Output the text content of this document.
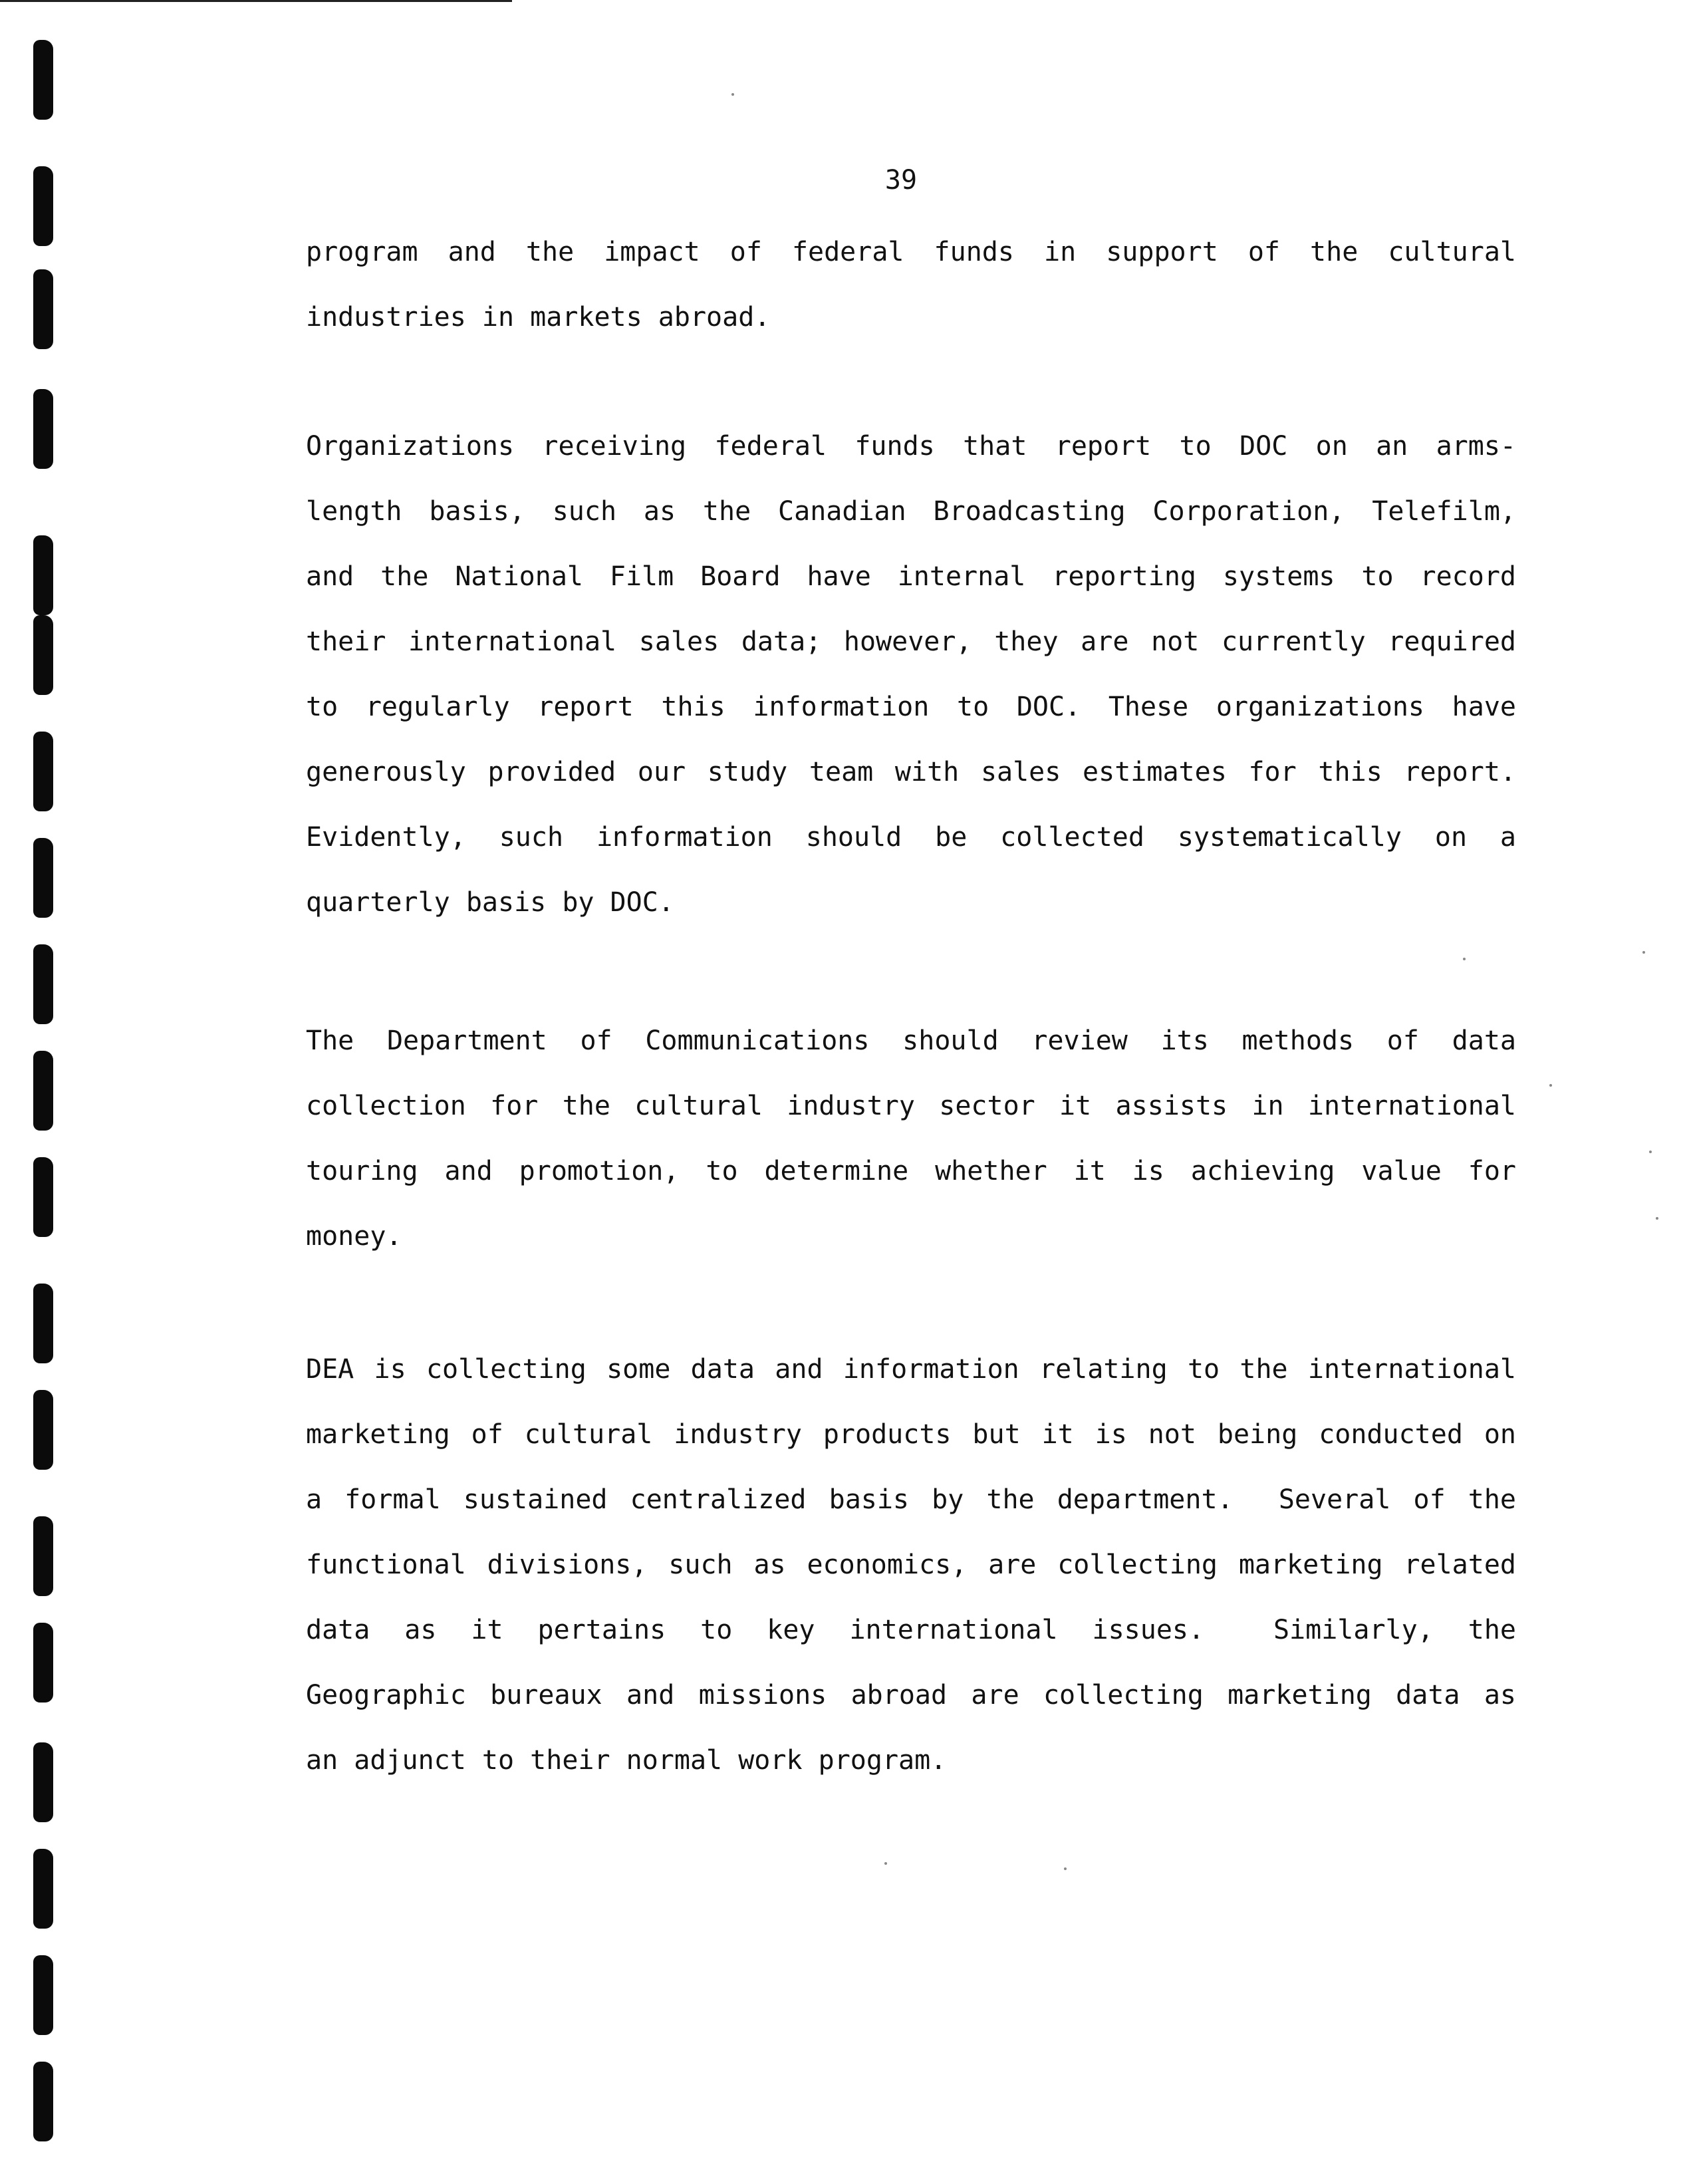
39
program and the impact of federal funds in support of the cultural
industries in markets abroad.
Organizations receiving federal funds that report to DOC on an arms-
length basis, such as the Canadian Broadcasting Corporation, Telefilm,
and the National Film Board have internal reporting systems to record
their international sales data; however, they are not currently required
to regularly report this information to DOC. These organizations have
generously provided our study team with sales estimates for this report.
Evidently, such information should be collected systematically on a
quarterly basis by DOC.
The Department of Communications should review its methods of data
collection for the cultural industry sector it assists in international
touring and promotion, to determine whether it is achieving value for
money.
DEA is collecting some data and information relating to the international
marketing of cultural industry products but it is not being conducted on
a formal sustained centralized basis by the department.  Several of the
functional divisions, such as economics, are collecting marketing related
data as it pertains to key international issues.  Similarly, the
Geographic bureaux and missions abroad are collecting marketing data as
an adjunct to their normal work program.
